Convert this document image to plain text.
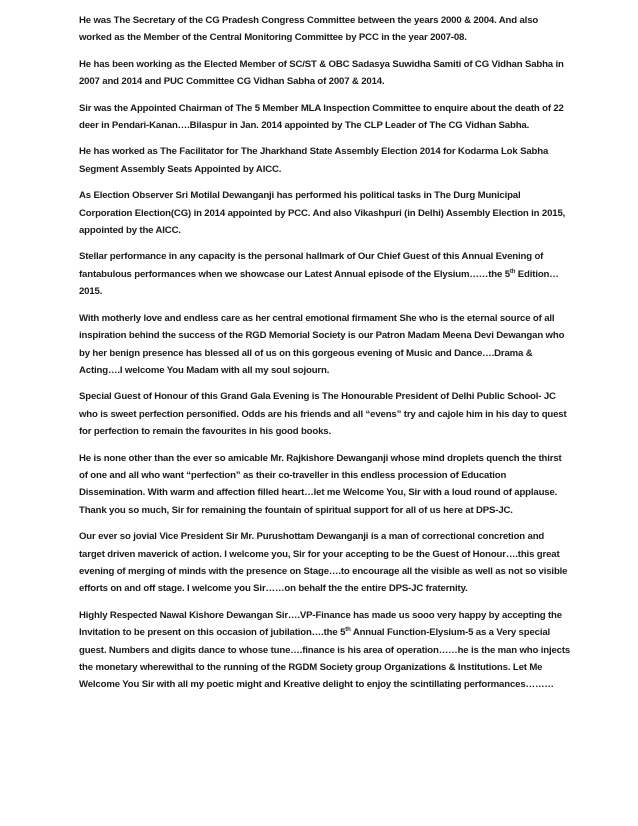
He was The Secretary of the CG Pradesh Congress Committee between the years 2000 & 2004. And also worked as the Member of the Central Monitoring Committee by PCC in the year 2007-08.

He has been working as the Elected Member of SC/ST & OBC Sadasya Suwidha Samiti of CG Vidhan Sabha in 2007 and 2014 and PUC Committee CG Vidhan Sabha of 2007 & 2014.

Sir was the Appointed Chairman of The 5 Member MLA Inspection Committee to enquire about the death of 22 deer in Pendari-Kanan….Bilaspur in Jan. 2014 appointed by The CLP Leader of The CG Vidhan Sabha.

He has worked as The Facilitator for The Jharkhand State Assembly Election 2014 for Kodarma Lok Sabha Segment Assembly Seats Appointed by AICC.

As Election Observer Sri Motilal Dewanganji has performed his political tasks in The Durg Municipal Corporation Election(CG) in 2014 appointed by PCC. And also Vikashpuri (in Delhi) Assembly Election in 2015, appointed by the AICC.

Stellar performance in any capacity is the personal hallmark of Our Chief Guest of this Annual Evening of fantabulous performances when we showcase our Latest Annual episode of the Elysium……the 5th Edition…2015.

With motherly love and endless care as her central emotional firmament She who is the eternal source of all inspiration behind the success of the RGD Memorial Society is our Patron Madam Meena Devi Dewangan who by her benign presence has blessed all of us on this gorgeous evening of Music and Dance….Drama & Acting….I welcome You Madam with all my soul sojourn.

Special Guest of Honour of this Grand Gala Evening is The Honourable President of Delhi Public School- JC who is sweet perfection personified. Odds are his friends and all “evens” try and cajole him in his day to quest for perfection to remain the favourites in his good books.

He is none other than the ever so amicable Mr. Rajkishore Dewanganji whose mind droplets quench the thirst of one and all who want “perfection” as their co-traveller in this endless procession of Education Dissemination. With warm and affection filled heart…let me Welcome You, Sir with a loud round of applause. Thank you so much, Sir for remaining the fountain of spiritual support for all of us here at DPS-JC.

Our ever so jovial Vice President Sir Mr. Purushottam Dewanganji is a man of correctional concretion and target driven maverick of action. I welcome you, Sir for your accepting to be the Guest of Honour….this great evening of merging of minds with the presence on Stage….to encourage all the visible as well as not so visible efforts on and off stage. I welcome you Sir……on behalf the the entire DPS-JC fraternity.

Highly Respected Nawal Kishore Dewangan Sir….VP-Finance has made us sooo very happy by accepting the Invitation to be present on this occasion of jubilation….the 5th Annual Function-Elysium-5 as a Very special guest. Numbers and digits dance to whose tune….finance is his area of operation……he is the man who injects the monetary wherewithal to the running of the RGDM Society group Organizations & Institutions. Let Me Welcome You Sir with all my poetic might and Kreative delight to enjoy the scintillating performances………
